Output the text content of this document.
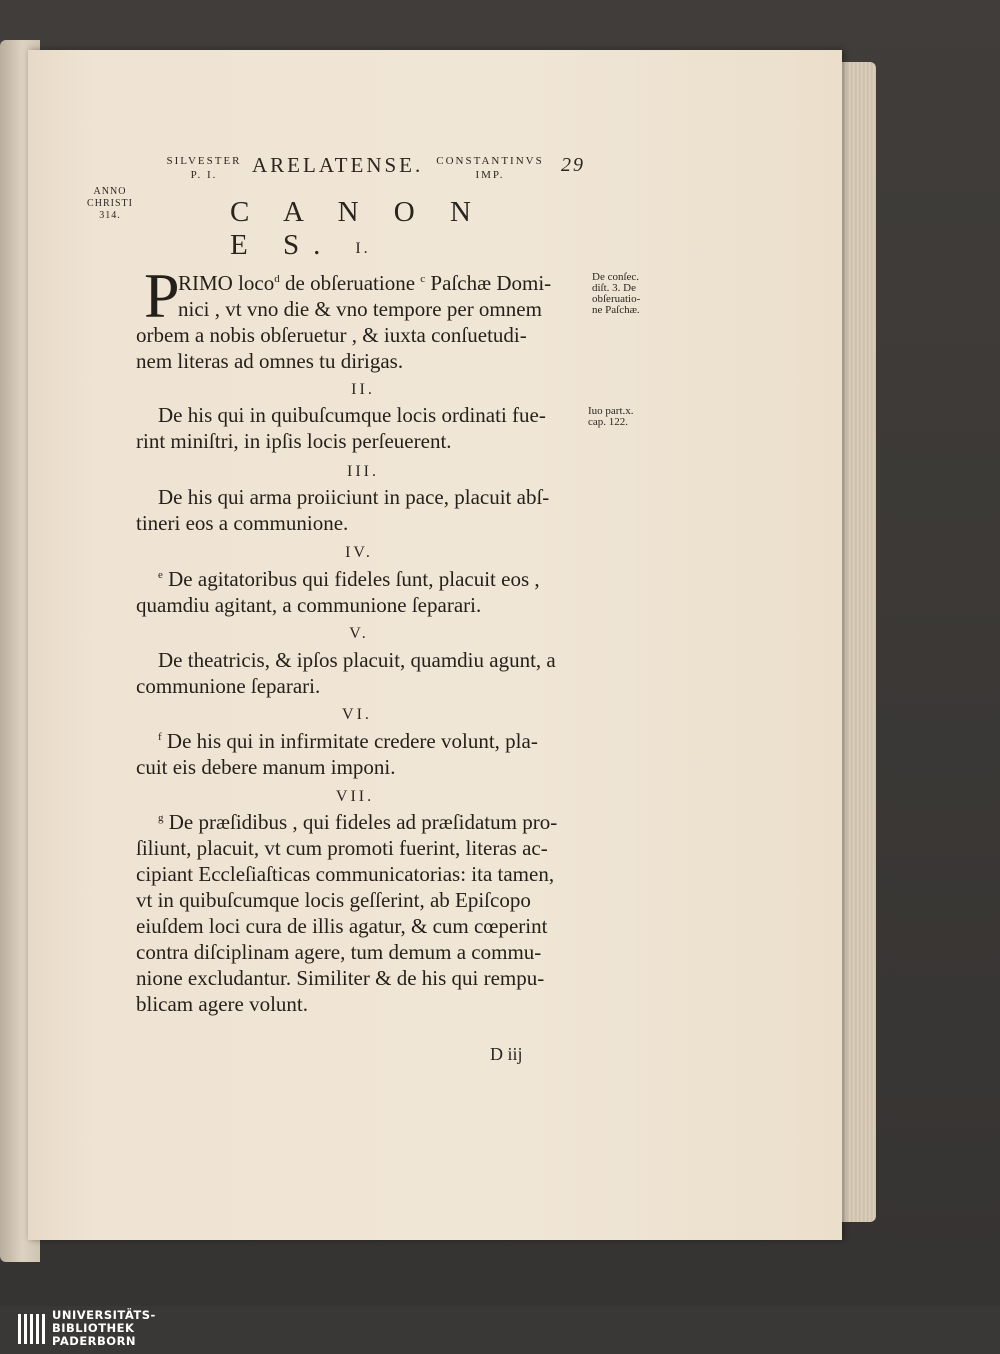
SILVESTER
P. I.	ARELATENSE.	CONSTANTINVS
IMP.	29
ANNO
CHRISTI
314.	C A N O N E S.	I.
P
RIMO loco$^d$ de obſeruatione $^c$ Paſchæ Domi-
nici , vt vno die & vno tempore per omnem
orbem a nobis obſeruetur , & iuxta conſuetudi-
nem literas ad omnes tu dirigas.
De conſec.
diſt. 3. De
obſeruatio-
ne Paſchæ.
II.
De his qui in quibuſcumque locis ordinati fue-
rint miniſtri, in ipſis locis perſeuerent.
Iuo part.x.
cap. 122.
III.
De his qui arma proiiciunt in pace, placuit abſ-
tineri eos a communione.
IV.
$^e$ De agitatoribus qui fideles ſunt, placuit eos ,
quamdiu agitant, a communione ſeparari.
V.
De theatricis, & ipſos placuit, quamdiu agunt, a
communione ſeparari.
VI.
$^f$ De his qui in infirmitate credere volunt, pla-
cuit eis debere manum imponi.
VII.
$^g$ De præſidibus , qui fideles ad præſidatum pro-
ſiliunt, placuit, vt cum promoti fuerint, literas ac-
cipiant Eccleſiaſticas communicatorias: ita tamen,
vt in quibuſcumque locis geſſerint, ab Epiſcopo
eiuſdem loci cura de illis agatur, & cum cœperint
contra diſciplinam agere, tum demum a commu-
nione excludantur. Similiter & de his qui rempu-
blicam agere volunt.
D iij
UNIVERSITÄTS-
BIBLIOTHEK
PADERBORN
